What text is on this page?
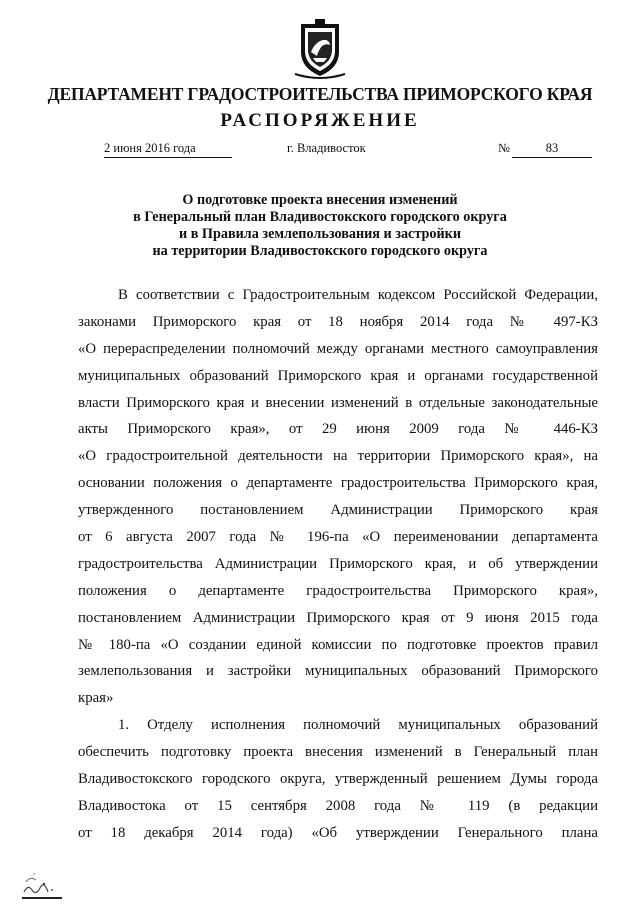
ДЕПАРТАМЕНТ ГРАДОСТРОИТЕЛЬСТВА ПРИМОРСКОГО КРАЯ
РАСПОРЯЖЕНИЕ
2 июня 2016 года	г. Владивосток	№	83
О подготовке проекта внесения изменений
в Генеральный план Владивостокского городского округа
и в Правила землепользования и застройки
на территории Владивостокского городского округа
В соответствии с Градостроительным кодексом Российской Федерации,
законами Приморского края от 18 ноября 2014 года № 497-КЗ
«О перераспределении полномочий между органами местного самоуправления
муниципальных образований Приморского края и органами государственной
власти Приморского края и внесении изменений в отдельные законодательные
акты Приморского края», от 29 июня 2009 года № 446-КЗ
«О градостроительной деятельности на территории Приморского края», на
основании положения о департаменте градостроительства Приморского края,
утвержденного постановлением Администрации Приморского края
от 6 августа 2007 года № 196-па «О переименовании департамента
градостроительства Администрации Приморского края, и об утверждении
положения о департаменте градостроительства Приморского края»,
постановлением Администрации Приморского края от 9 июня 2015 года
№ 180-па «О создании единой комиссии по подготовке проектов правил
землепользования и застройки муниципальных образований Приморского
края»
1. Отделу исполнения полномочий муниципальных образований
обеспечить подготовку проекта внесения изменений в Генеральный план
Владивостокского городского округа, утвержденный решением Думы города
Владивостока от 15 сентября 2008 года № 119 (в редакции
от 18 декабря 2014 года) «Об утверждении Генерального плана
